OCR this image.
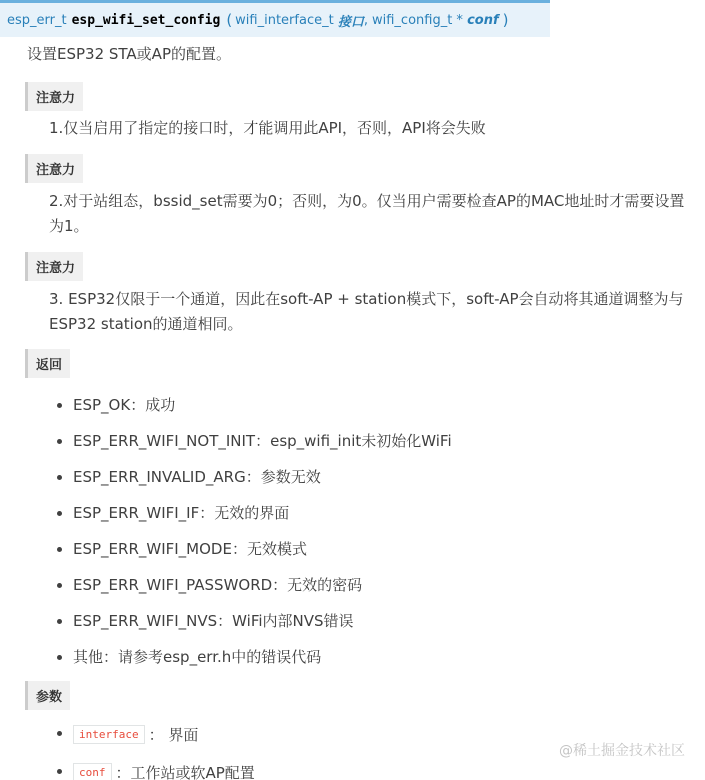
esp_err_t esp_wifi_set_config ( wifi_interface_t
接口 , wifi_config_t *
conf )
设置ESP32 STA或AP的配置。
注意力
1.仅当启用了指定的接口时，才能调用此API，否则，API将会失败
注意力
2.对于站组态，bssid_set需要为0；否则，为0。仅当用户需要检查AP的MAC地址时才需要设置为1。
注意力
3. ESP32仅限于一个通道，因此在soft-AP + station模式下，soft-AP会自动将其通道调整为与ESP32 station的通道相同。
返回
ESP_OK：成功
ESP_ERR_WIFI_NOT_INIT：esp_wifi_init未初始化WiFi
ESP_ERR_INVALID_ARG：参数无效
ESP_ERR_WIFI_IF：无效的界面
ESP_ERR_WIFI_MODE：无效模式
ESP_ERR_WIFI_PASSWORD：无效的密码
ESP_ERR_WIFI_NVS：WiFi内部NVS错误
其他：请参考esp_err.h中的错误代码
参数
interface ： 界面
conf ：工作站或软AP配置
@稀土掘金技术社区
